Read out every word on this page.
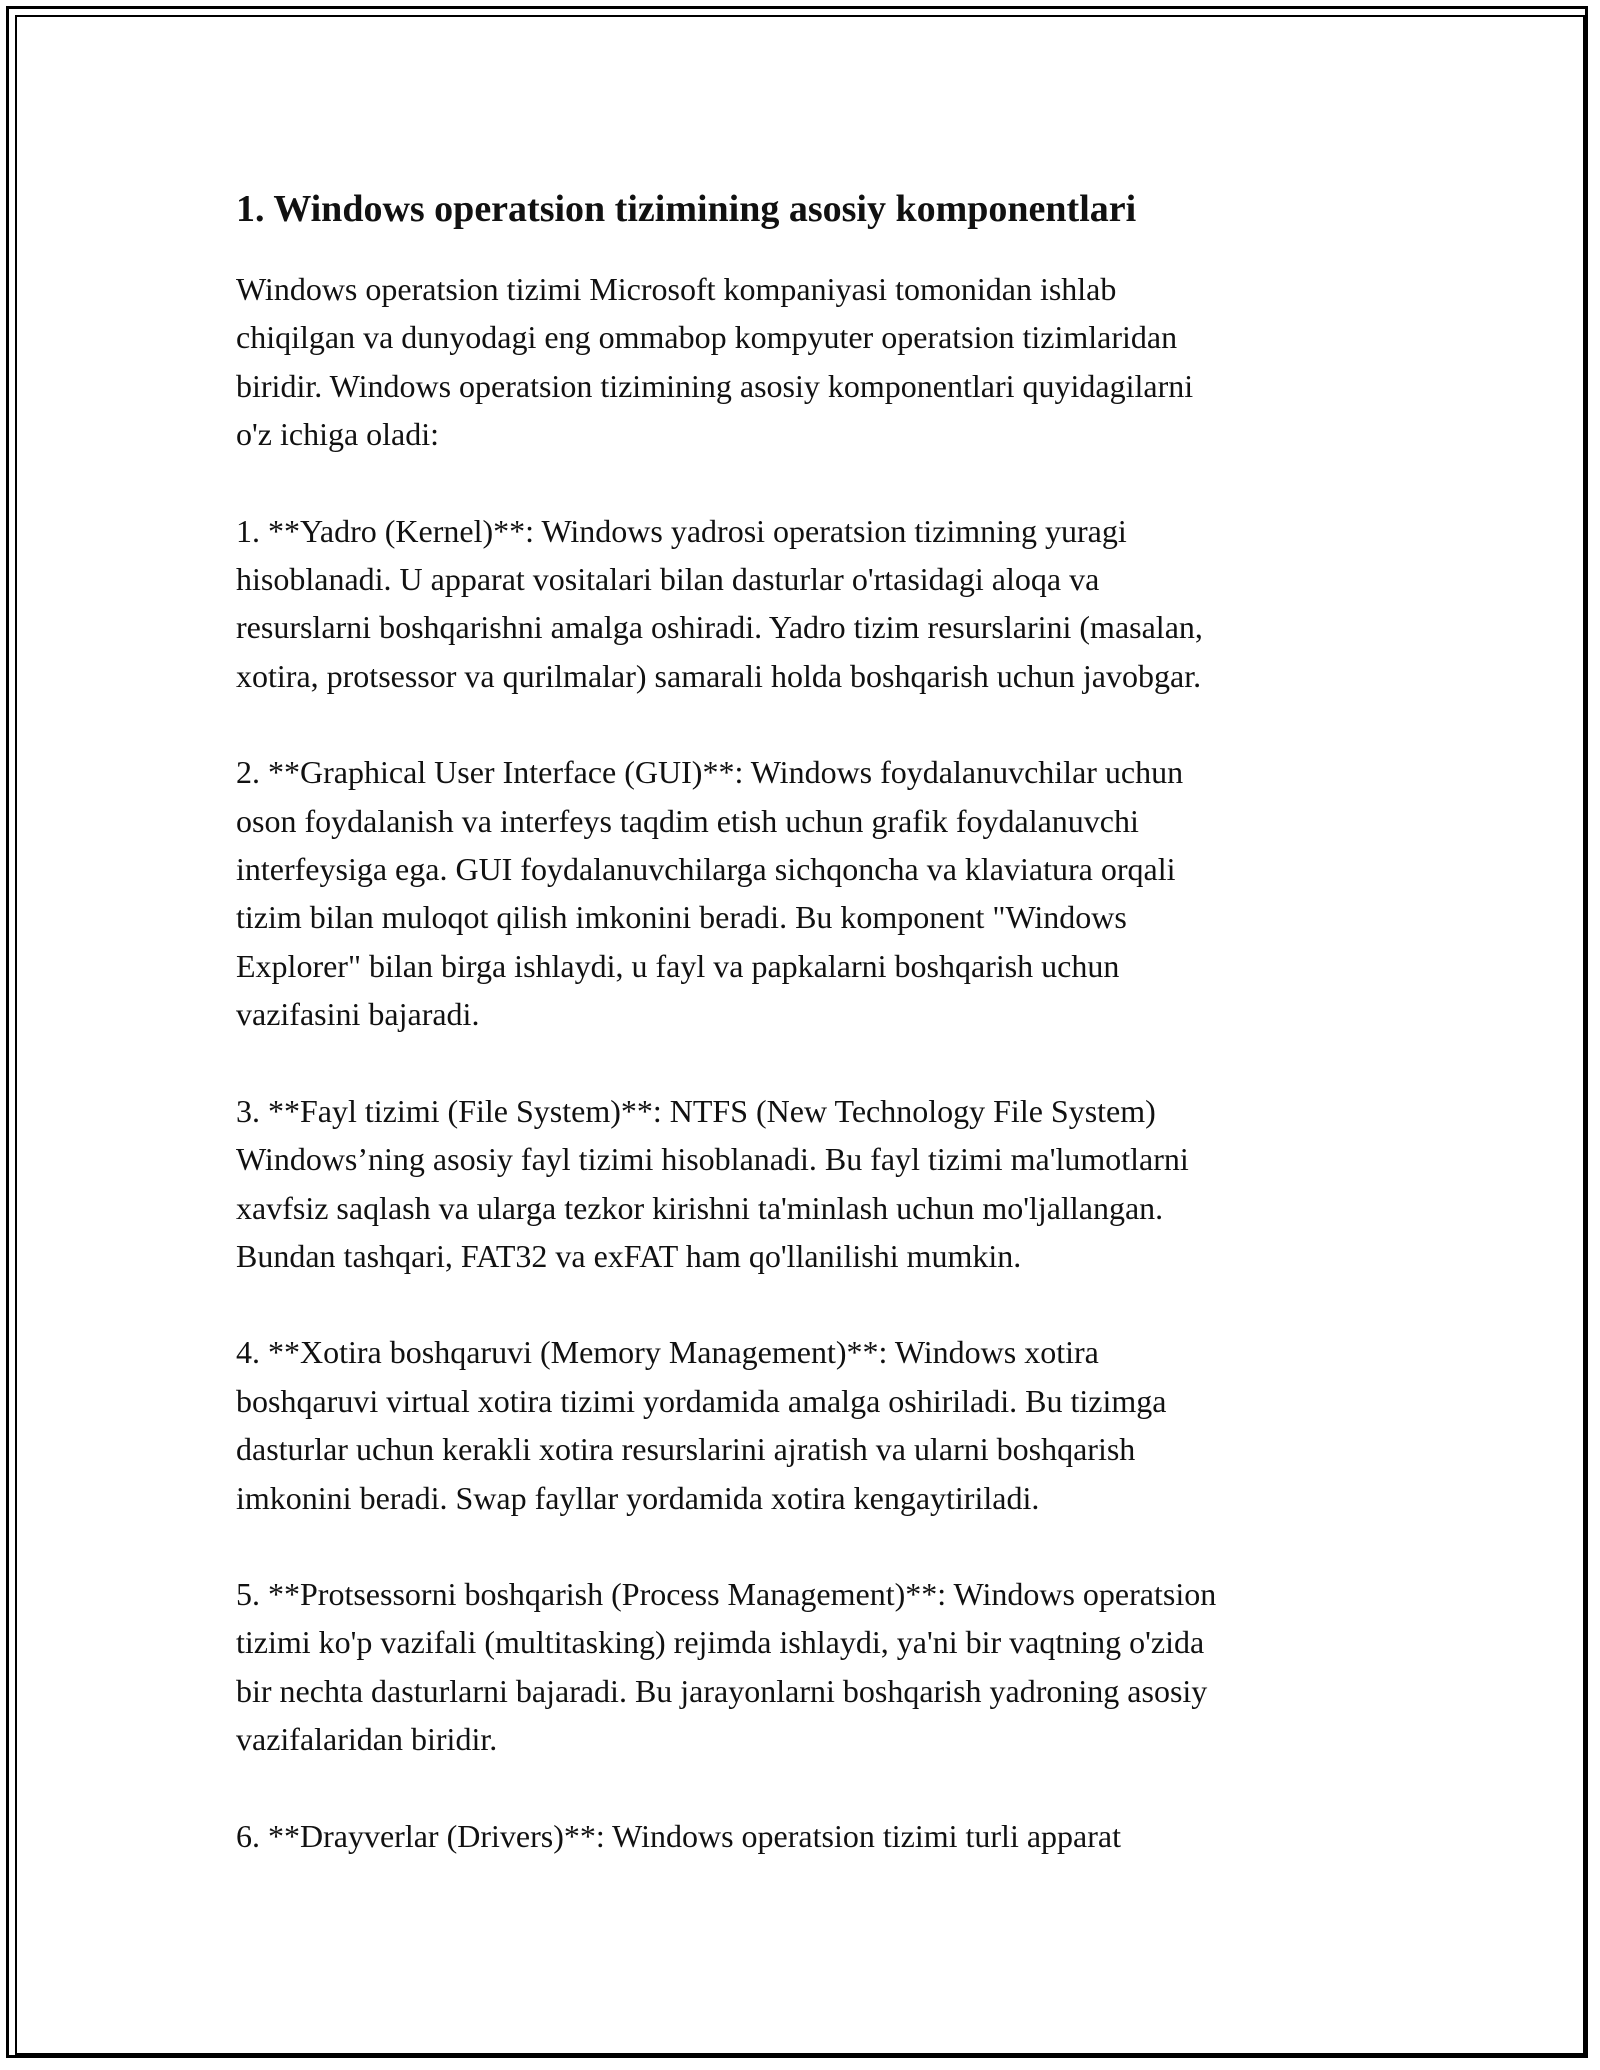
1. Windows operatsion tizimining asosiy komponentlari

Windows operatsion tizimi Microsoft kompaniyasi tomonidan ishlab
chiqilgan va dunyodagi eng ommabop kompyuter operatsion tizimlaridan
biridir. Windows operatsion tizimining asosiy komponentlari quyidagilarni
o'z ichiga oladi:

1. **Yadro (Kernel)**: Windows yadrosi operatsion tizimning yuragi
hisoblanadi. U apparat vositalari bilan dasturlar o'rtasidagi aloqa va
resurslarni boshqarishni amalga oshiradi. Yadro tizim resurslarini (masalan,
xotira, protsessor va qurilmalar) samarali holda boshqarish uchun javobgar.

2. **Graphical User Interface (GUI)**: Windows foydalanuvchilar uchun
oson foydalanish va interfeys taqdim etish uchun grafik foydalanuvchi
interfeysiga ega. GUI foydalanuvchilarga sichqoncha va klaviatura orqali
tizim bilan muloqot qilish imkonini beradi. Bu komponent "Windows
Explorer" bilan birga ishlaydi, u fayl va papkalarni boshqarish uchun
vazifasini bajaradi.

3. **Fayl tizimi (File System)**: NTFS (New Technology File System)
Windows’ning asosiy fayl tizimi hisoblanadi. Bu fayl tizimi ma'lumotlarni
xavfsiz saqlash va ularga tezkor kirishni ta'minlash uchun mo'ljallangan.
Bundan tashqari, FAT32 va exFAT ham qo'llanilishi mumkin.

4. **Xotira boshqaruvi (Memory Management)**: Windows xotira
boshqaruvi virtual xotira tizimi yordamida amalga oshiriladi. Bu tizimga
dasturlar uchun kerakli xotira resurslarini ajratish va ularni boshqarish
imkonini beradi. Swap fayllar yordamida xotira kengaytiriladi.

5. **Protsessorni boshqarish (Process Management)**: Windows operatsion
tizimi ko'p vazifali (multitasking) rejimda ishlaydi, ya'ni bir vaqtning o'zida
bir nechta dasturlarni bajaradi. Bu jarayonlarni boshqarish yadroning asosiy
vazifalaridan biridir.

6. **Drayverlar (Drivers)**: Windows operatsion tizimi turli apparat
